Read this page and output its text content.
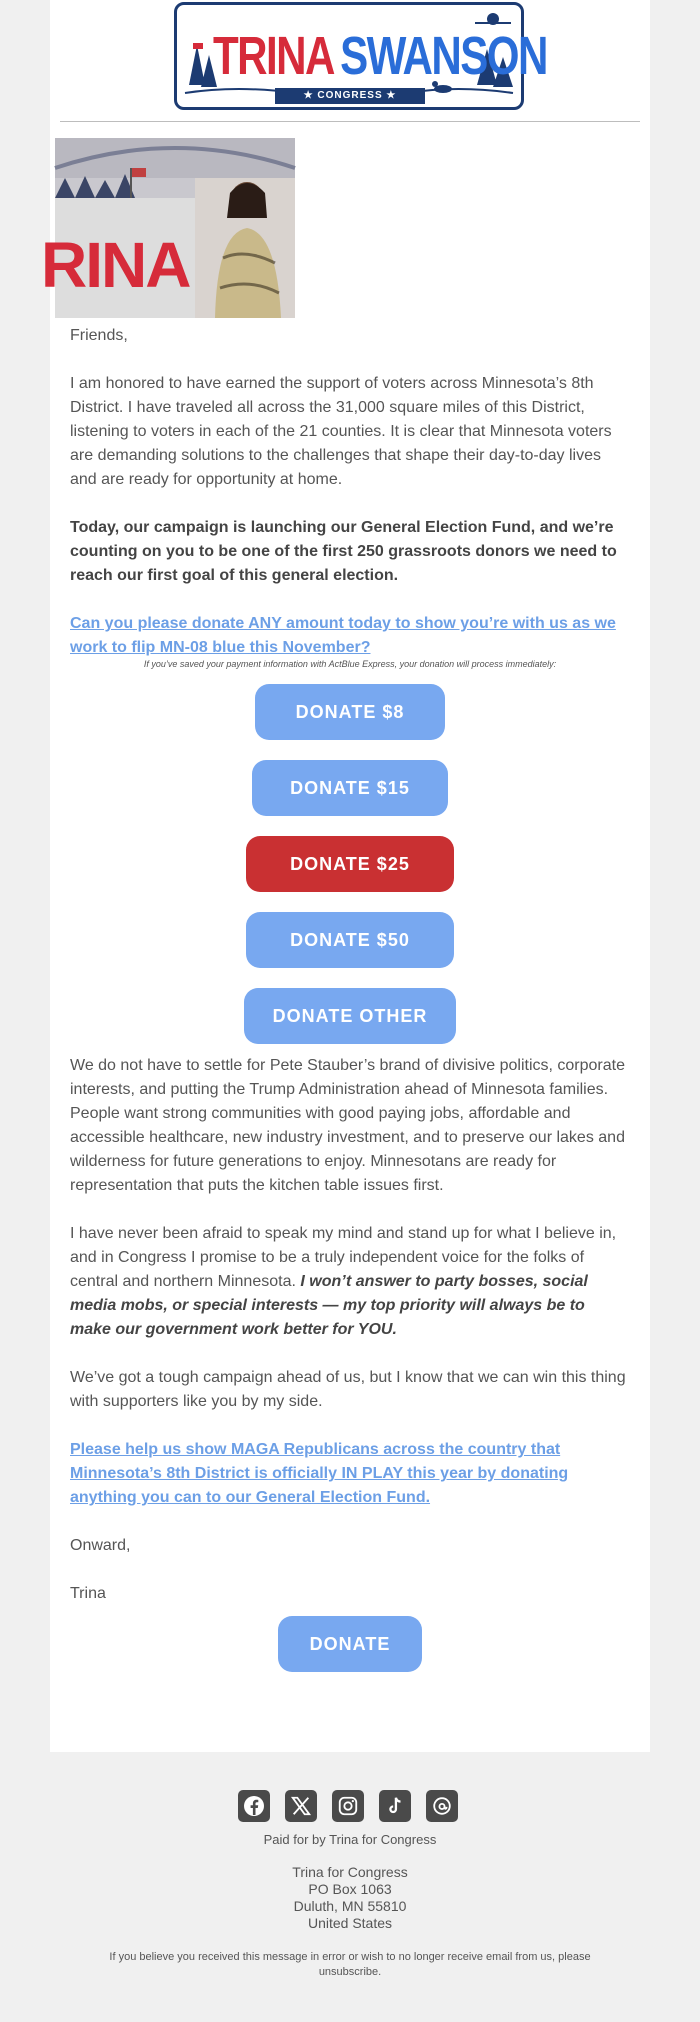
TRINA SWANSON
★ CONGRESS ★
RINA
Friends,
I am honored to have earned the support of voters across Minnesota’s 8th District. I have traveled all across the 31,000 square miles of this District, listening to voters in each of the 21 counties. It is clear that Minnesota voters are demanding solutions to the challenges that shape their day-to-day lives and are ready for opportunity at home.
Today, our campaign is launching our General Election Fund, and we’re counting on you to be one of the first 250 grassroots donors we need to reach our first goal of this general election.
Can you please donate ANY amount today to show you’re with us as we work to flip MN-08 blue this November?
If you’ve saved your payment information with ActBlue Express, your donation will process immediately:
DONATE $8
DONATE $15
DONATE $25
DONATE $50
DONATE OTHER
We do not have to settle for Pete Stauber’s brand of divisive politics, corporate interests, and putting the Trump Administration ahead of Minnesota families. People want strong communities with good paying jobs, affordable and accessible healthcare, new industry investment, and to preserve our lakes and wilderness for future generations to enjoy. Minnesotans are ready for representation that puts the kitchen table issues first.
I have never been afraid to speak my mind and stand up for what I believe in, and in Congress I promise to be a truly independent voice for the folks of central and northern Minnesota. I won’t answer to party bosses, social media mobs, or special interests — my top priority will always be to make our government work better for YOU.
We’ve got a tough campaign ahead of us, but I know that we can win this thing with supporters like you by my side.
Please help us show MAGA Republicans across the country that Minnesota’s 8th District is officially IN PLAY this year by donating anything you can to our General Election Fund.
Onward,
Trina
DONATE
Paid for by Trina for Congress
Trina for Congress
PO Box 1063
Duluth, MN 55810
United States
If you believe you received this message in error or wish to no longer receive email from us, please unsubscribe.
